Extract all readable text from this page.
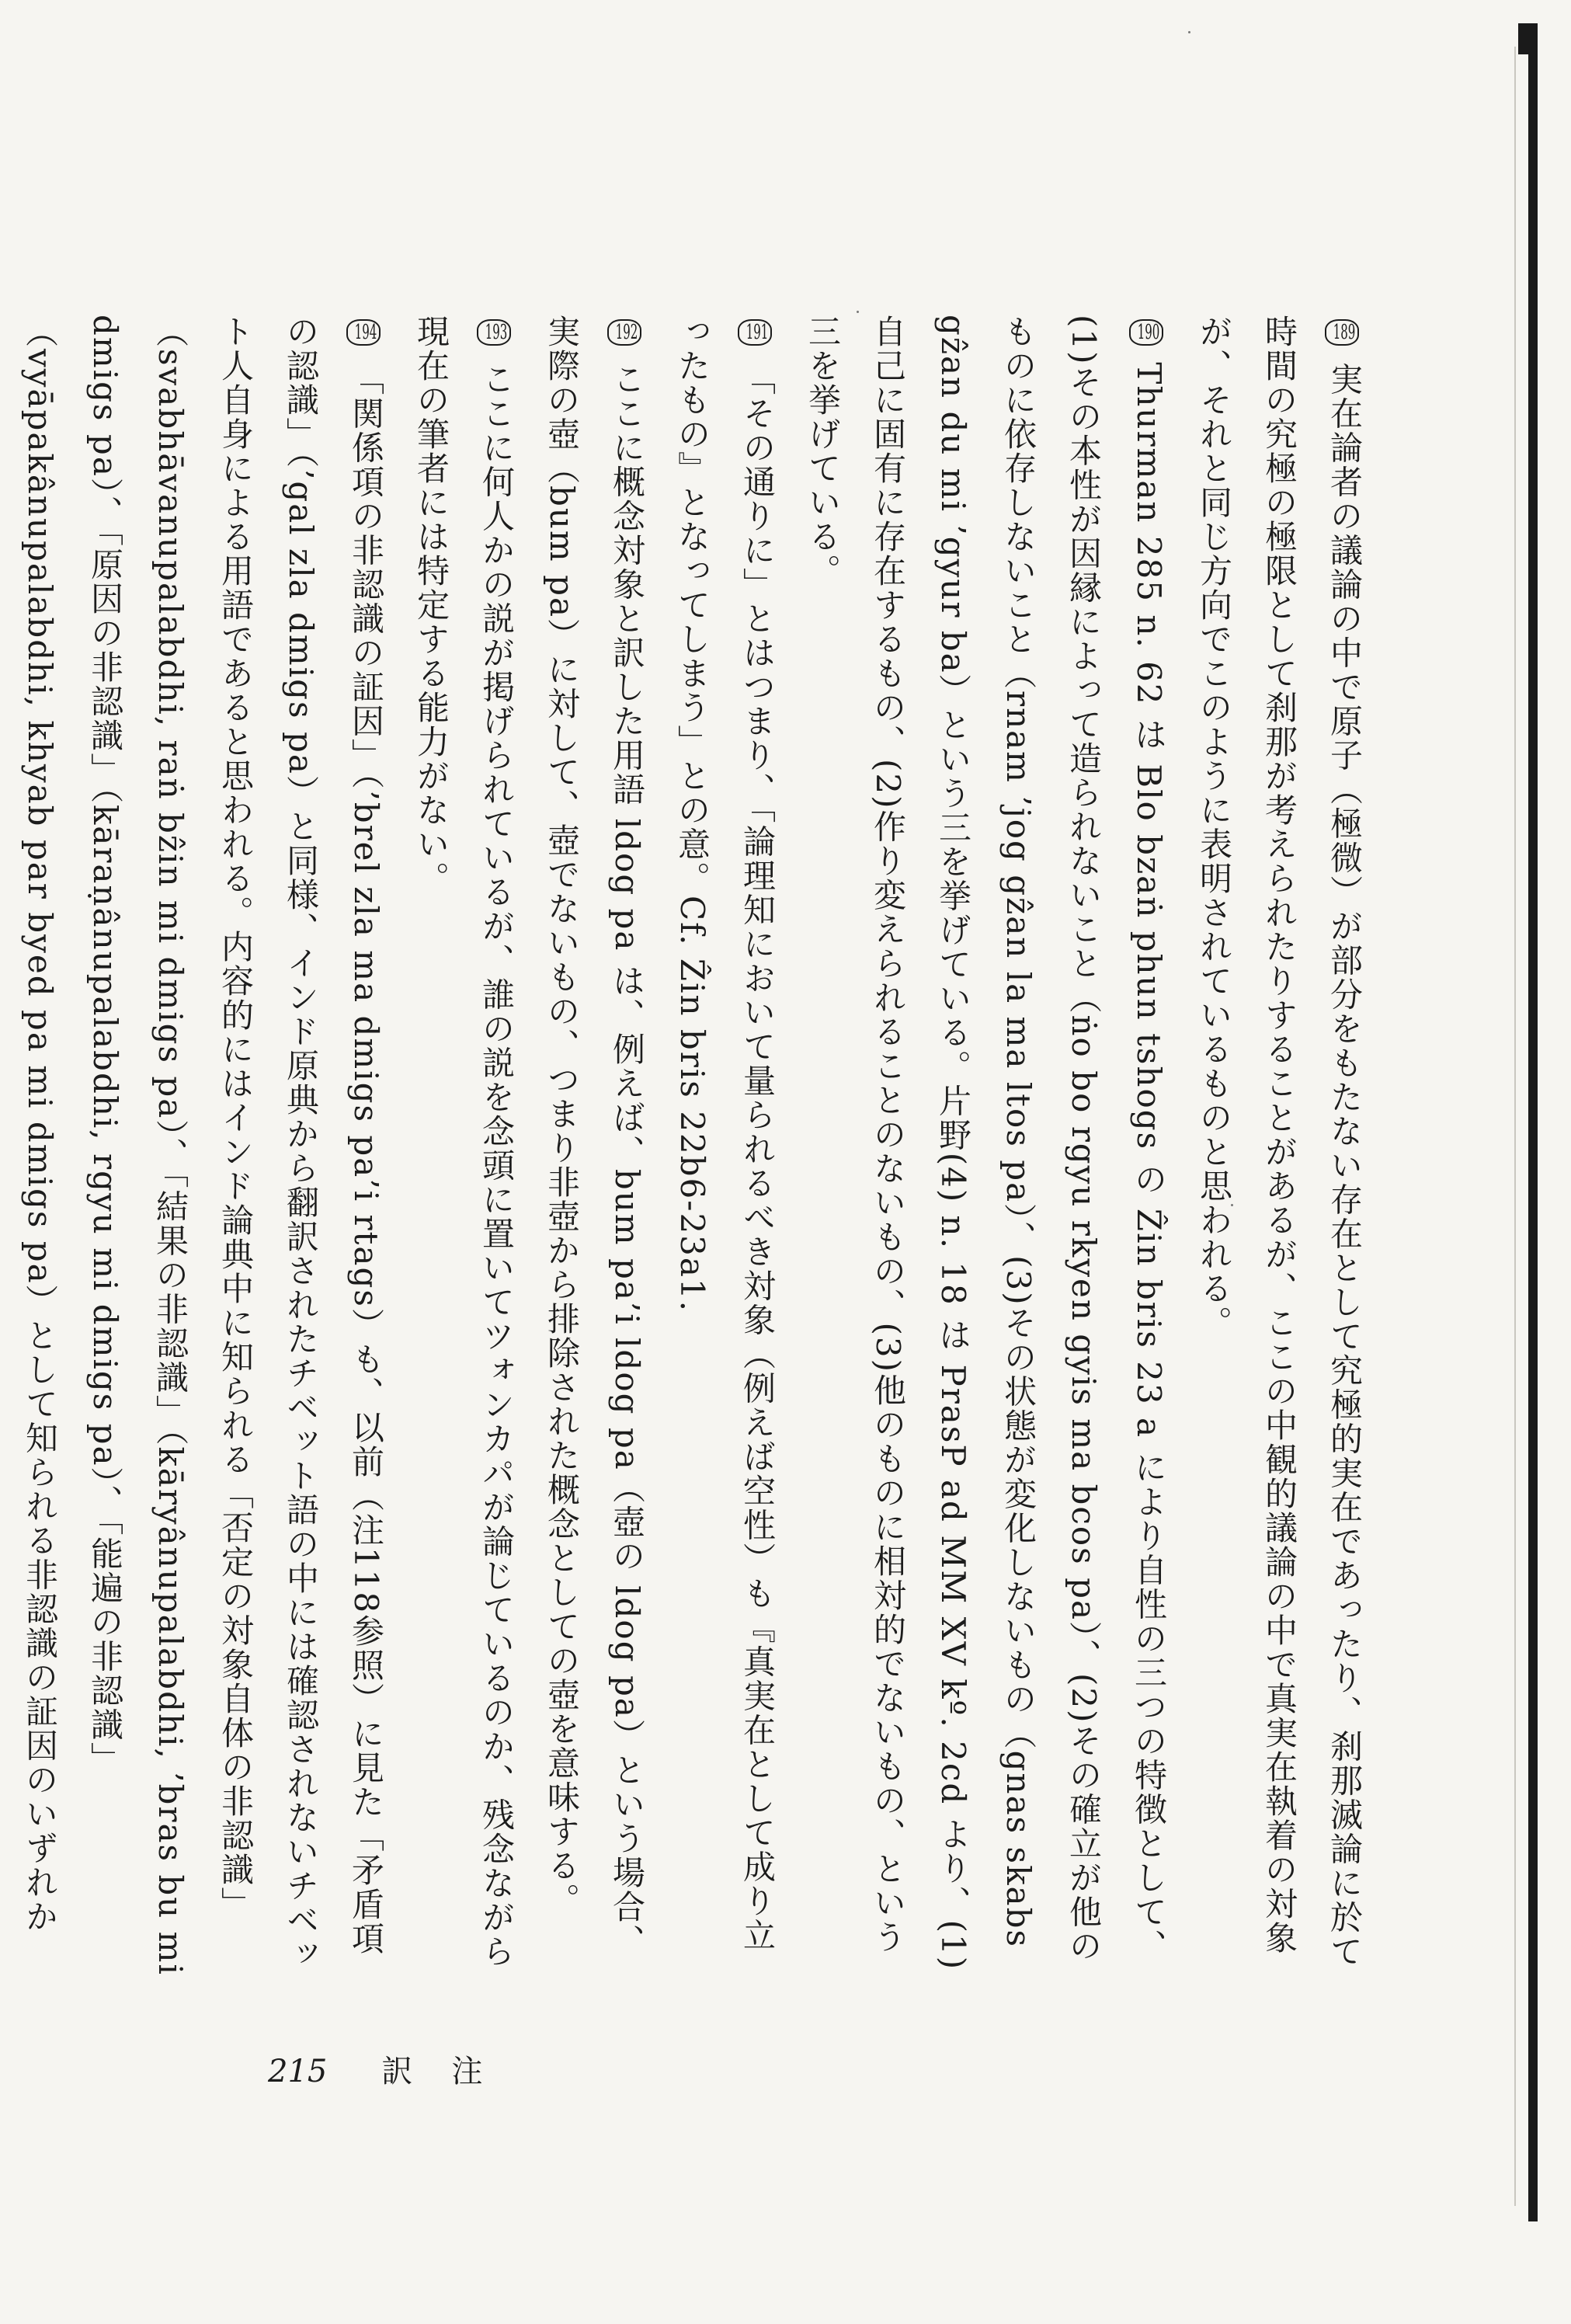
189 実在論者の議論の中で原子（極微）が部分をもたない存在として究極的実在であったり、刹那滅論に於て時間の究極の極限として刹那が考えられたりすることがあるが、ここの中観的議論の中で真実在執着の対象が、それと同じ方向でこのように表明されているものと思われる。

190 Thurman 285 n. 62 は Blo bzaṅ phun tshogs の Ẑin bris 23 a により自性の三つの特徴として、(1)その本性が因縁によって造られないこと（ṅo bo rgyu rkyen gyis ma bcos pa）、(2)その確立が他のものに依存しないこと（rnam ’jog gẑan la ma ltos pa）、(3)その状態が変化しないもの（gnas skabs gẑan du mi ’gyur ba）という三を挙げている。片野(4) n. 18 は PrasP ad MM XV kº. 2cd より、(1)自己に固有に存在するもの、(2)作り変えられることのないもの、(3)他のものに相対的でないもの、という三を挙げている。

191 「その通りに」とはつまり、「論理知において量られるべき対象（例えば空性）も『真実在として成り立ったもの』となってしまう」との意。Cf. Ẑin bris 22b6-23a1.

192 ここに概念対象と訳した用語 ldog pa は、例えば、bum pa’i ldog pa（壺の ldog pa）という場合、実際の壺（bum pa）に対して、壺でないもの、つまり非壺から排除された概念としての壺を意味する。

193 ここに何人かの説が掲げられているが、誰の説を念頭に置いてツォンカパが論じているのか、残念ながら現在の筆者には特定する能力がない。

194 「関係項の非認識の証因」（’brel zla ma dmigs pa’i rtags）も、以前（注118参照）に見た「矛盾項の認識」（’gal zla dmigs pa）と同様、インド原典から翻訳されたチベット語の中には確認されないチベット人自身による用語であると思われる。内容的にはインド論典中に知られる「否定の対象自体の非認識」（svabhāvanupalabdhi, raṅ bẑin mi dmigs pa）、「結果の非認識」（kāryânupalabdhi, ’bras bu mi dmigs pa）、「原因の非認識」（kāraṇânupalabdhi, rgyu mi dmigs pa）、「能遍の非認識」（vyāpakânupalabdhi, khyab par byed pa mi dmigs pa）として知られる非認識の証因のいずれか

215 訳注
